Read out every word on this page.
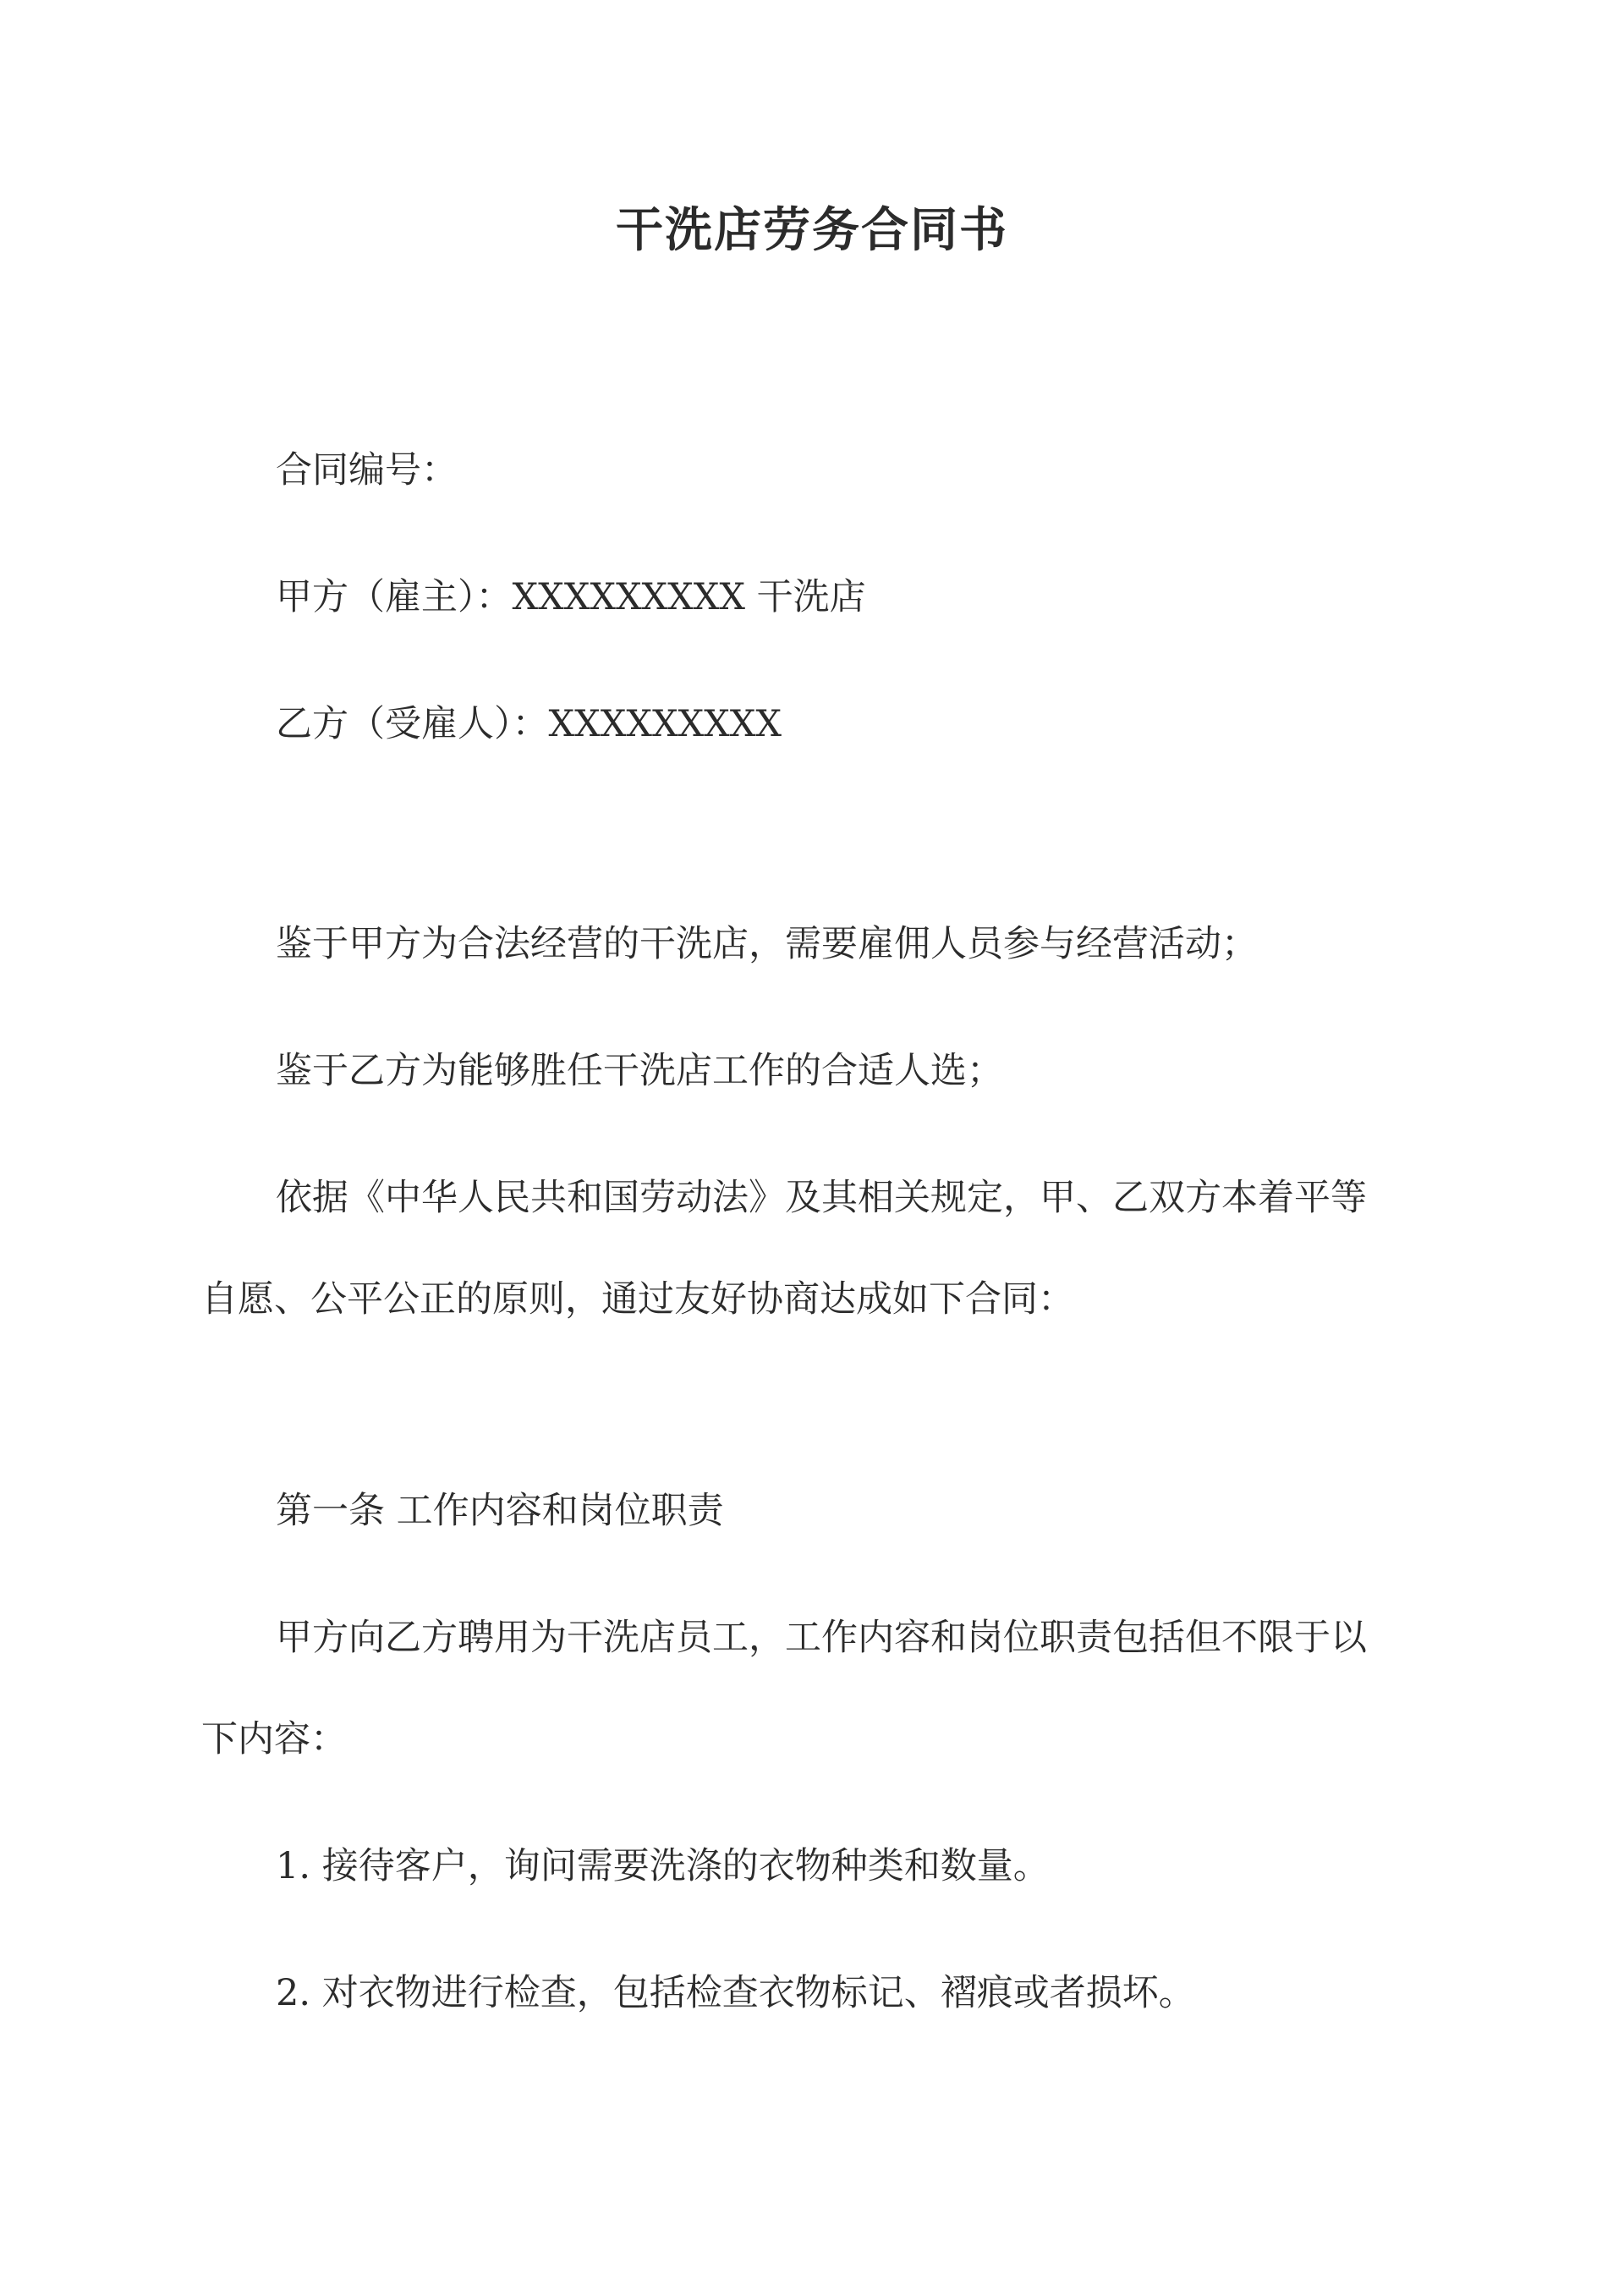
干洗店劳务合同书

合同编号：

甲方（雇主）：XXXXXXXXX 干洗店

乙方（受雇人）：XXXXXXXXX

鉴于甲方为合法经营的干洗店，需要雇佣人员参与经营活动；

鉴于乙方为能够胜任干洗店工作的合适人选；

依据《中华人民共和国劳动法》及其相关规定，甲、乙双方本着平等

自愿、公平公正的原则，通过友好协商达成如下合同：

第一条 工作内容和岗位职责

甲方向乙方聘用为干洗店员工，工作内容和岗位职责包括但不限于以

下内容：

1. 接待客户，询问需要洗涤的衣物种类和数量。

2. 对衣物进行检查，包括检查衣物标记、褶痕或者损坏。
